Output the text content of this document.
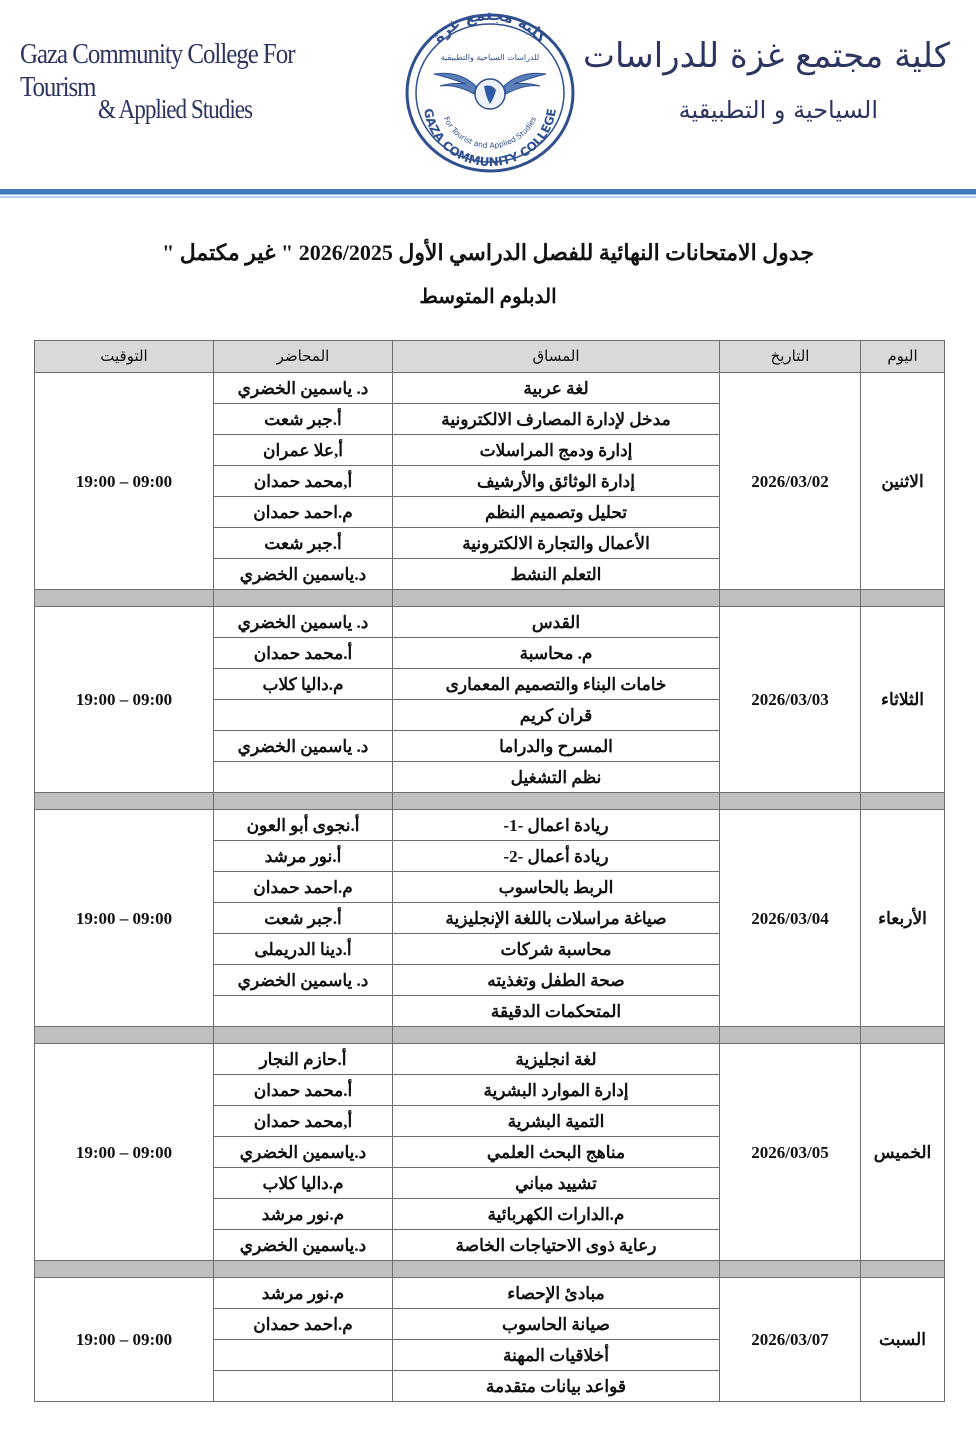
Gaza Community College For Tourism
& Applied Studies
كلية مجتمع غزة
للدراسات السياحية والتطبيقية
For Tourist and Applied Studies
GAZA COMMUNITY COLLEGE
كلية مجتمع غزة للدراسات
السياحية و التطبيقية
جدول الامتحانات النهائية للفصل الدراسي الأول 2026/2025 " غير مكتمل "
الدبلوم المتوسط
اليوم	التاريخ	المساق	المحاضر	التوقيت
الاثنين	2026/03/02	لغة عربية	د. ياسمين الخضري	19:00 – 09:00
		مدخل لإدارة المصارف الالكترونية	أ.جبر شعت	
		إدارة ودمج المراسلات	أ,علا عمران	
		إدارة الوثائق والأرشيف	أ,محمد حمدان	
		تحليل وتصميم النظم	م.احمد حمدان	
		الأعمال والتجارة الالكترونية	أ.جبر شعت	
		التعلم النشط	د.ياسمين الخضري	

الثلاثاء	2026/03/03	القدس	د. ياسمين الخضري	19:00 – 09:00
		م. محاسبة	أ.محمد حمدان	
		خامات البناء والتصميم المعمارى	م.داليا كلاب	
		قران كريم		
		المسرح والدراما	د. ياسمين الخضري	
		نظم التشغيل		

الأربعاء	2026/03/04	ريادة اعمال -1-	أ.نجوى أبو العون	19:00 – 09:00
		ريادة أعمال -2-	أ.نور مرشد	
		الربط بالحاسوب	م.احمد حمدان	
		صياغة مراسلات باللغة الإنجليزية	أ.جبر شعت	
		محاسبة شركات	أ.دينا الدريملى	
		صحة الطفل وتغذيته	د. ياسمين الخضري	
		المتحكمات الدقيقة		

الخميس	2026/03/05	لغة انجليزية	أ.حازم النجار	19:00 – 09:00
		إدارة الموارد البشرية	أ.محمد حمدان	
		التمية البشرية	أ,محمد حمدان	
		مناهج البحث العلمي	د.ياسمين الخضري	
		تشييد مباني	م.داليا كلاب	
		م.الدارات الكهربائية	م.نور مرشد	
		رعاية ذوى الاحتياجات الخاصة	د.ياسمين الخضري	

السبت	2026/03/07	مبادئ الإحصاء	م.نور مرشد	19:00 – 09:00
		صيانة الحاسوب	م.احمد حمدان	
		أخلاقيات المهنة		
		قواعد بيانات متقدمة		
